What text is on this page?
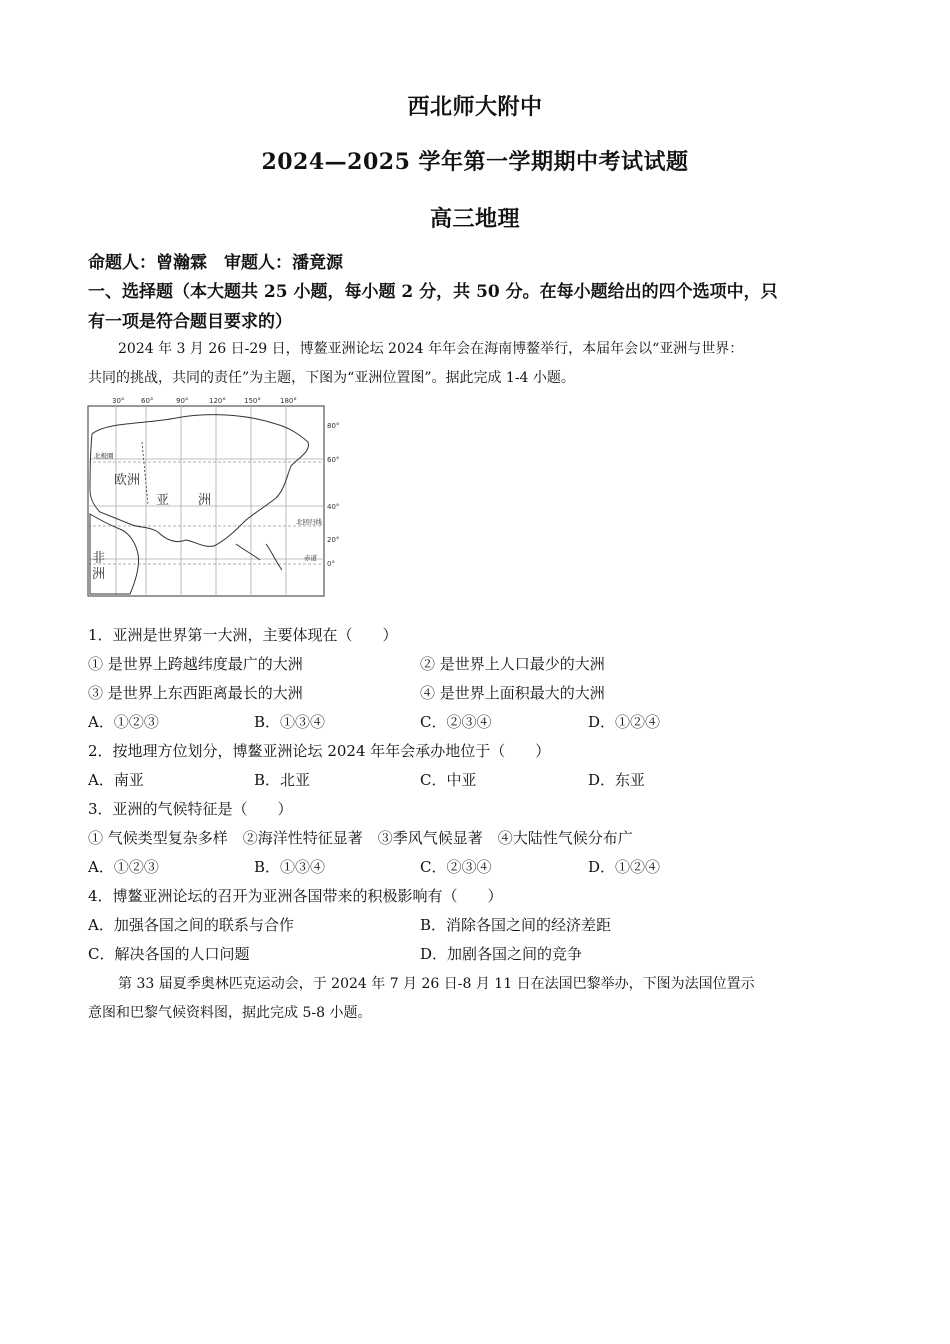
西北师大附中
2024—2025 学年第一学期期中考试试题
高三地理
命题人：曾瀚霖　审题人：潘竟源
一、选择题（本大题共 25 小题，每小题 2 分，共 50 分。在每小题给出的四个选项中，只
有一项是符合题目要求的）
2024 年 3 月 26 日-29 日，博鳌亚洲论坛 2024 年年会在海南博鳌举行，本届年会以“亚洲与世界：
共同的挑战，共同的责任”为主题，下图为“亚洲位置图”。据此完成 1-4 小题。
30° 60°	90°	120°	150°	180°
80°
60°
40°
20°
0°
欧洲
亚 洲
非
洲
北极圈
北回归线
赤道
1．亚洲是世界第一大洲，主要体现在（　　）
① 是世界上跨越纬度最广的大洲	② 是世界上人口最少的大洲
③ 是世界上东西距离最长的大洲	④ 是世界上面积最大的大洲
A．①②③	B．①③④	C．②③④	D．①②④
2．按地理方位划分，博鳌亚洲论坛 2024 年年会承办地位于（　　）
A．南亚	B．北亚	C．中亚	D．东亚
3．亚洲的气候特征是（　　）
① 气候类型复杂多样　②海洋性特征显著　③季风气候显著　④大陆性气候分布广
A．①②③	B．①③④	C．②③④	D．①②④
4．博鳌亚洲论坛的召开为亚洲各国带来的积极影响有（　　）
A．加强各国之间的联系与合作	B．消除各国之间的经济差距
C．解决各国的人口问题	D．加剧各国之间的竞争
第 33 届夏季奥林匹克运动会，于 2024 年 7 月 26 日-8 月 11 日在法国巴黎举办，下图为法国位置示
意图和巴黎气候资料图，据此完成 5-8 小题。
